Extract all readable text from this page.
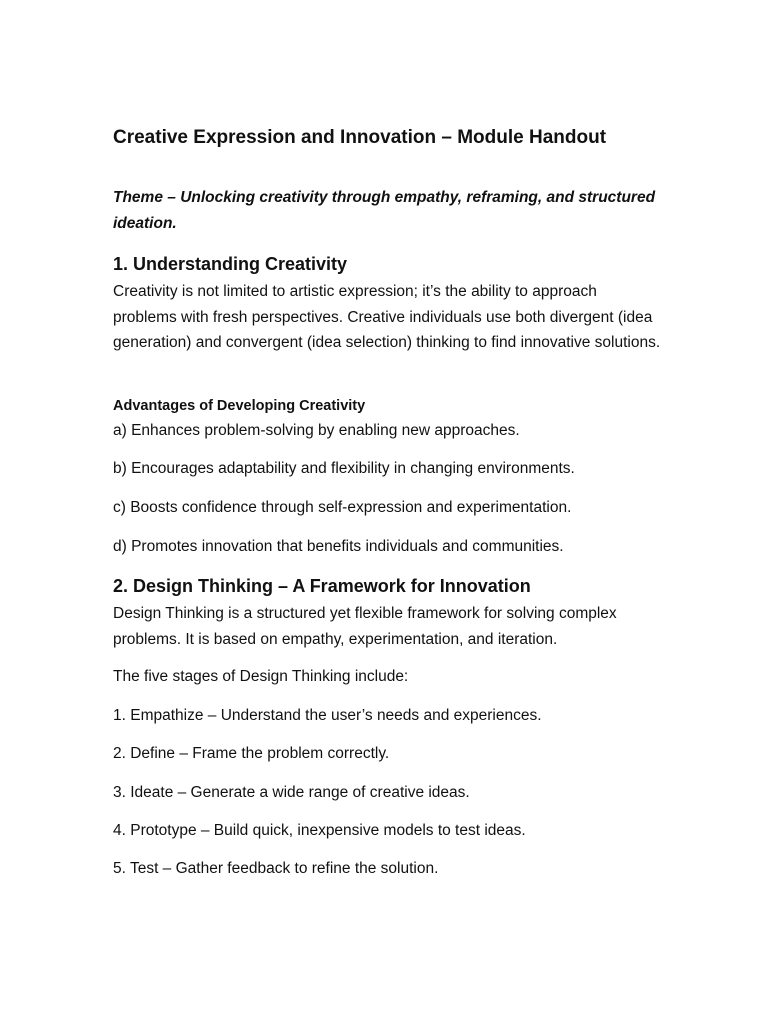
Creative Expression and Innovation – Module Handout

Theme – Unlocking creativity through empathy, reframing, and structured ideation.

1. Understanding Creativity

Creativity is not limited to artistic expression; it’s the ability to approach problems with fresh perspectives. Creative individuals use both divergent (idea generation) and convergent (idea selection) thinking to find innovative solutions.

Advantages of Developing Creativity

a) Enhances problem-solving by enabling new approaches.

b) Encourages adaptability and flexibility in changing environments.

c) Boosts confidence through self-expression and experimentation.

d) Promotes innovation that benefits individuals and communities.

2. Design Thinking – A Framework for Innovation

Design Thinking is a structured yet flexible framework for solving complex problems. It is based on empathy, experimentation, and iteration.

The five stages of Design Thinking include:

1. Empathize – Understand the user’s needs and experiences.

2. Define – Frame the problem correctly.

3. Ideate – Generate a wide range of creative ideas.

4. Prototype – Build quick, inexpensive models to test ideas.

5. Test – Gather feedback to refine the solution.
